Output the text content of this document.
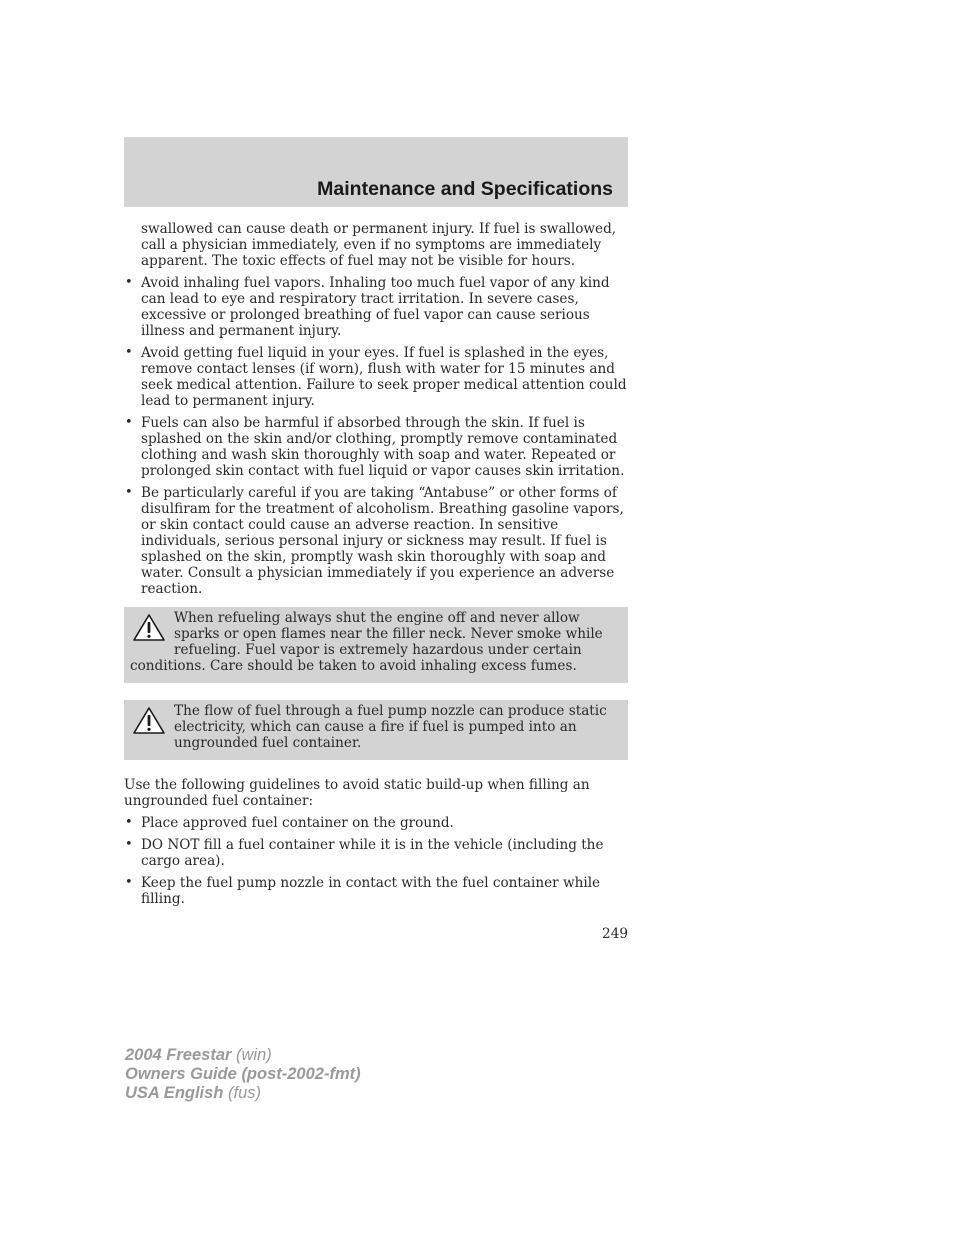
Maintenance and Specifications

swallowed can cause death or permanent injury. If fuel is swallowed, call a physician immediately, even if no symptoms are immediately apparent. The toxic effects of fuel may not be visible for hours.

• Avoid inhaling fuel vapors. Inhaling too much fuel vapor of any kind can lead to eye and respiratory tract irritation. In severe cases, excessive or prolonged breathing of fuel vapor can cause serious illness and permanent injury.
• Avoid getting fuel liquid in your eyes. If fuel is splashed in the eyes, remove contact lenses (if worn), flush with water for 15 minutes and seek medical attention. Failure to seek proper medical attention could lead to permanent injury.
• Fuels can also be harmful if absorbed through the skin. If fuel is splashed on the skin and/or clothing, promptly remove contaminated clothing and wash skin thoroughly with soap and water. Repeated or prolonged skin contact with fuel liquid or vapor causes skin irritation.
• Be particularly careful if you are taking “Antabuse” or other forms of disulfiram for the treatment of alcoholism. Breathing gasoline vapors, or skin contact could cause an adverse reaction. In sensitive individuals, serious personal injury or sickness may result. If fuel is splashed on the skin, promptly wash skin thoroughly with soap and water. Consult a physician immediately if you experience an adverse reaction.
When refueling always shut the engine off and never allow sparks or open flames near the filler neck. Never smoke while refueling. Fuel vapor is extremely hazardous under certain conditions. Care should be taken to avoid inhaling excess fumes.
The flow of fuel through a fuel pump nozzle can produce static electricity, which can cause a fire if fuel is pumped into an ungrounded fuel container.

Use the following guidelines to avoid static build-up when filling an ungrounded fuel container:

• Place approved fuel container on the ground.
• DO NOT fill a fuel container while it is in the vehicle (including the cargo area).
• Keep the fuel pump nozzle in contact with the fuel container while filling.
249
2004 Freestar (win)
Owners Guide (post-2002-fmt)
USA English (fus)
